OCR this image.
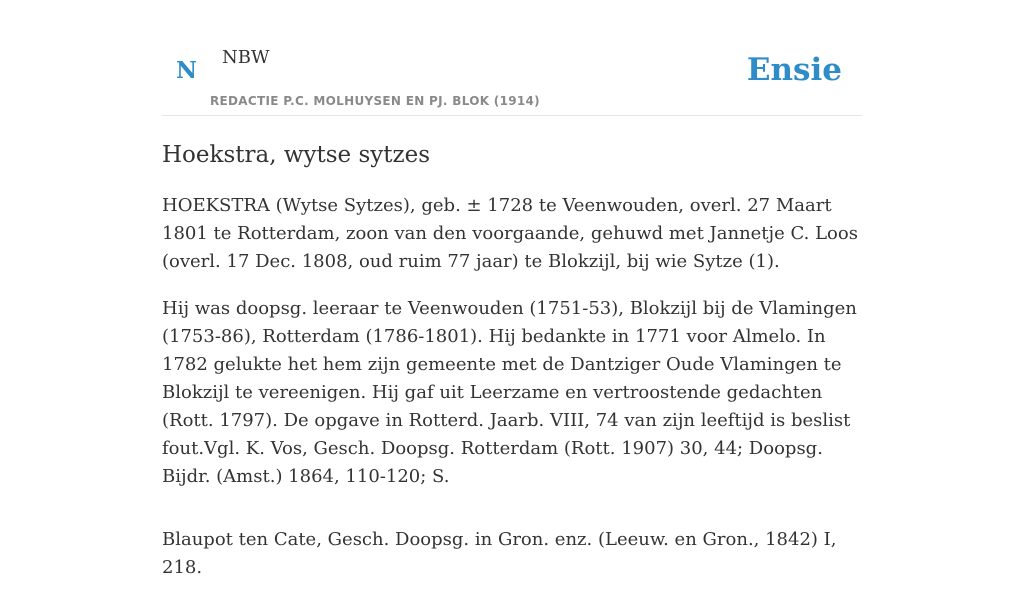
N NBW
REDACTIE P.C. MOLHUYSEN EN PJ. BLOK (1914)
Ensie
Hoekstra, wytse sytzes

HOEKSTRA (Wytse Sytzes), geb. ± 1728 te Veenwouden, overl. 27 Maart 1801 te Rotterdam, zoon van den voorgaande, gehuwd met Jannetje C. Loos (overl. 17 Dec. 1808, oud ruim 77 jaar) te Blokzijl, bij wie Sytze (1).

Hij was doopsg. leeraar te Veenwouden (1751-53), Blokzijl bij de Vlamingen (1753-86), Rotterdam (1786-1801). Hij bedankte in 1771 voor Almelo. In 1782 gelukte het hem zijn gemeente met de Dantziger Oude Vlamingen te Blokzijl te vereenigen. Hij gaf uit Leerzame en vertroostende gedachten (Rott. 1797). De opgave in Rotterd. Jaarb. VIII, 74 van zijn leeftijd is beslist fout.Vgl. K. Vos, Gesch. Doopsg. Rotterdam (Rott. 1907) 30, 44; Doopsg. Bijdr. (Amst.) 1864, 110-120; S.

Blaupot ten Cate, Gesch. Doopsg. in Gron. enz. (Leeuw. en Gron., 1842) I, 218.
